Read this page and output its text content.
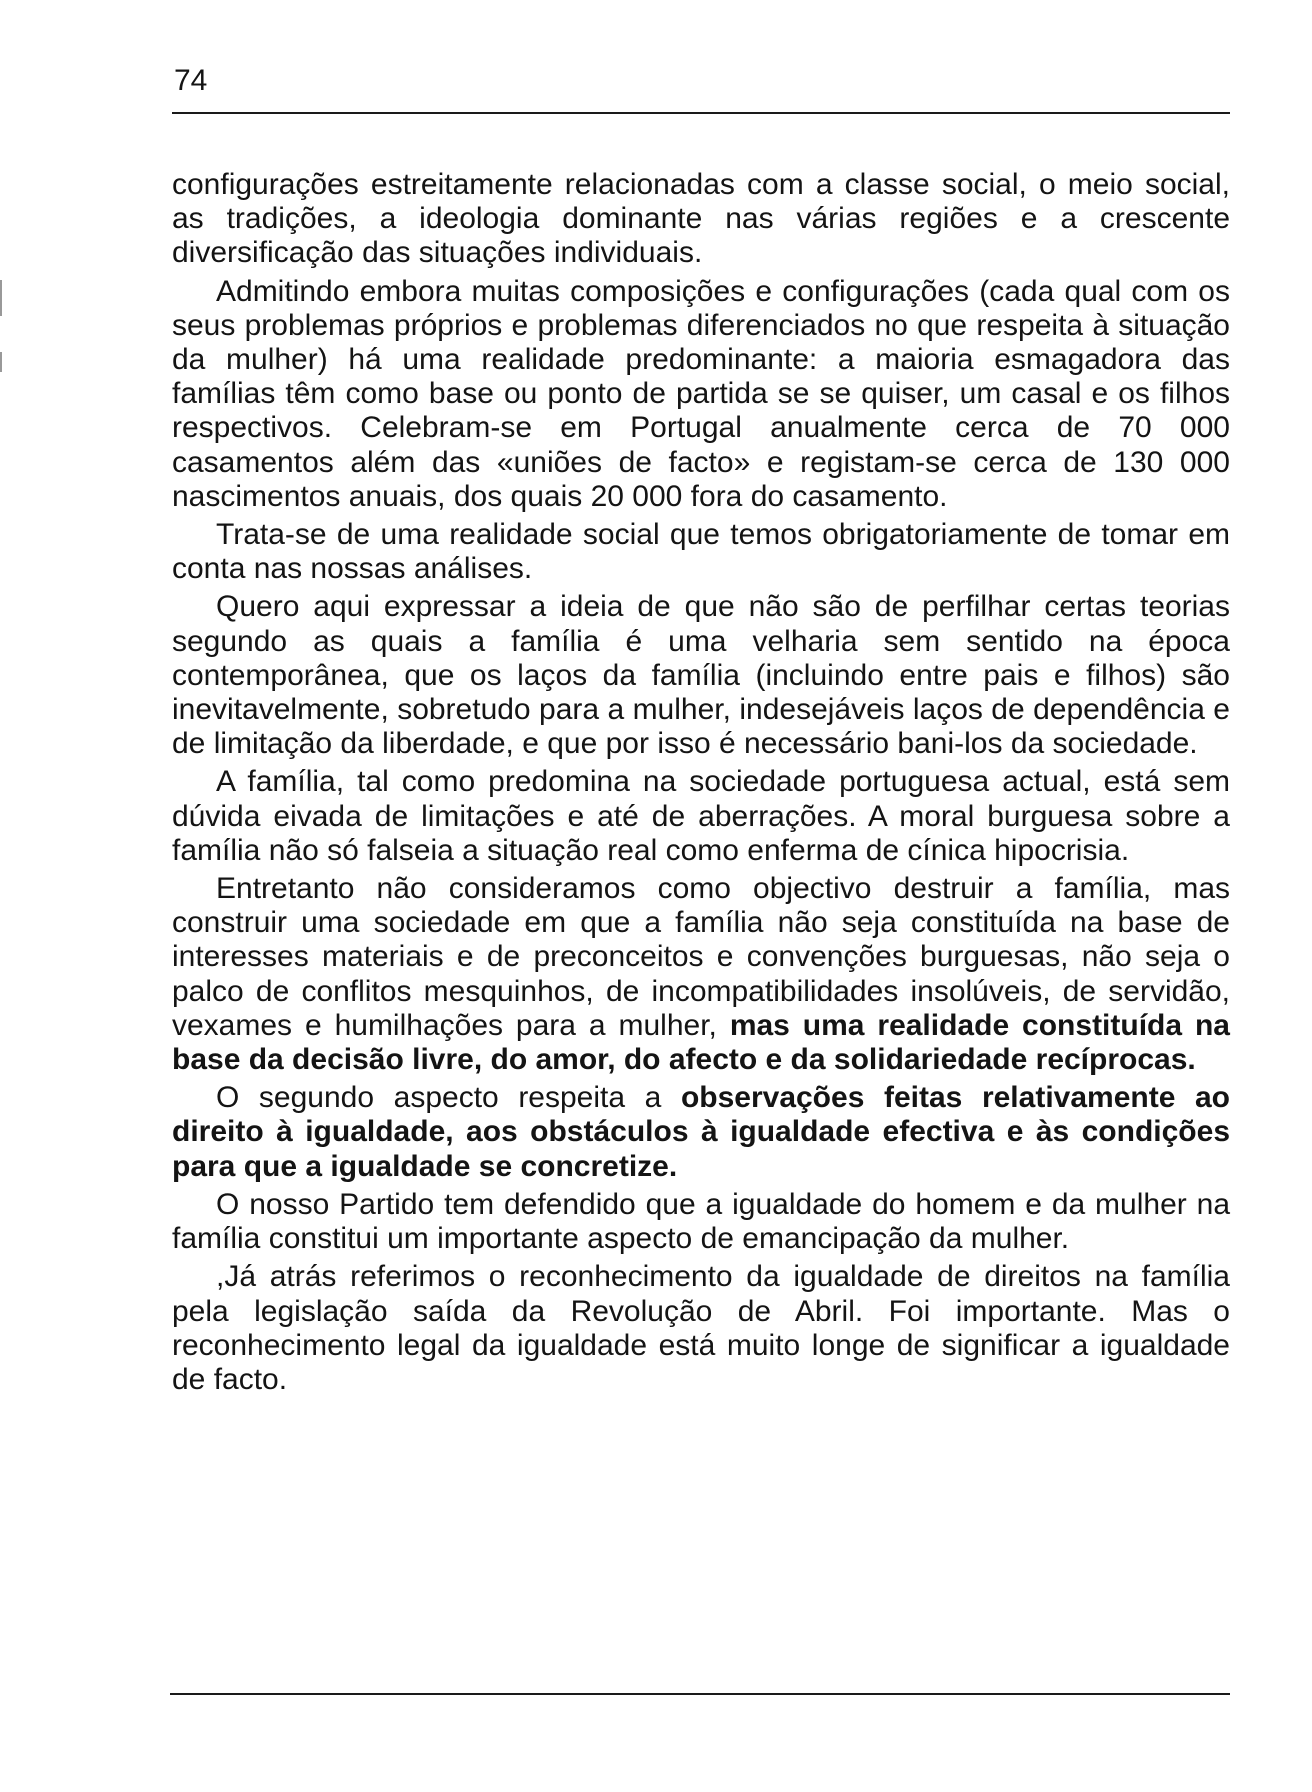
74

configurações estreitamente relacionadas com a classe social, o meio social, as tradições, a ideologia dominante nas várias regiões e a crescente diversificação das situações individuais.

Admitindo embora muitas composições e configurações (cada qual com os seus problemas próprios e problemas diferenciados no que respeita à situação da mulher) há uma realidade predominante: a maioria esmagadora das famílias têm como base ou ponto de partida se se quiser, um casal e os filhos respectivos. Celebram-se em Portugal anualmente cerca de 70 000 casamentos além das «uniões de facto» e registam-se cerca de 130 000 nascimentos anuais, dos quais 20 000 fora do casamento.

Trata-se de uma realidade social que temos obrigatoriamente de tomar em conta nas nossas análises.

Quero aqui expressar a ideia de que não são de perfilhar certas teorias segundo as quais a família é uma velharia sem sentido na época contemporânea, que os laços da família (incluindo entre pais e filhos) são inevitavelmente, sobretudo para a mulher, indesejáveis laços de dependência e de limitação da liberdade, e que por isso é necessário bani-los da sociedade.

A família, tal como predomina na sociedade portuguesa actual, está sem dúvida eivada de limitações e até de aberrações. A moral burguesa sobre a família não só falseia a situação real como enferma de cínica hipocrisia.

Entretanto não consideramos como objectivo destruir a família, mas construir uma sociedade em que a família não seja constituída na base de interesses materiais e de preconceitos e convenções burguesas, não seja o palco de conflitos mesquinhos, de incompatibilidades insolúveis, de servidão, vexames e humilhações para a mulher, mas uma realidade constituída na base da decisão livre, do amor, do afecto e da solidariedade recíprocas.

O segundo aspecto respeita a observações feitas relativamente ao direito à igualdade, aos obstáculos à igualdade efectiva e às condições para que a igualdade se concretize.

O nosso Partido tem defendido que a igualdade do homem e da mulher na família constitui um importante aspecto de emancipação da mulher.

,Já atrás referimos o reconhecimento da igualdade de direitos na família pela legislação saída da Revolução de Abril. Foi importante. Mas o reconhecimento legal da igualdade está muito longe de significar a igualdade de facto.
